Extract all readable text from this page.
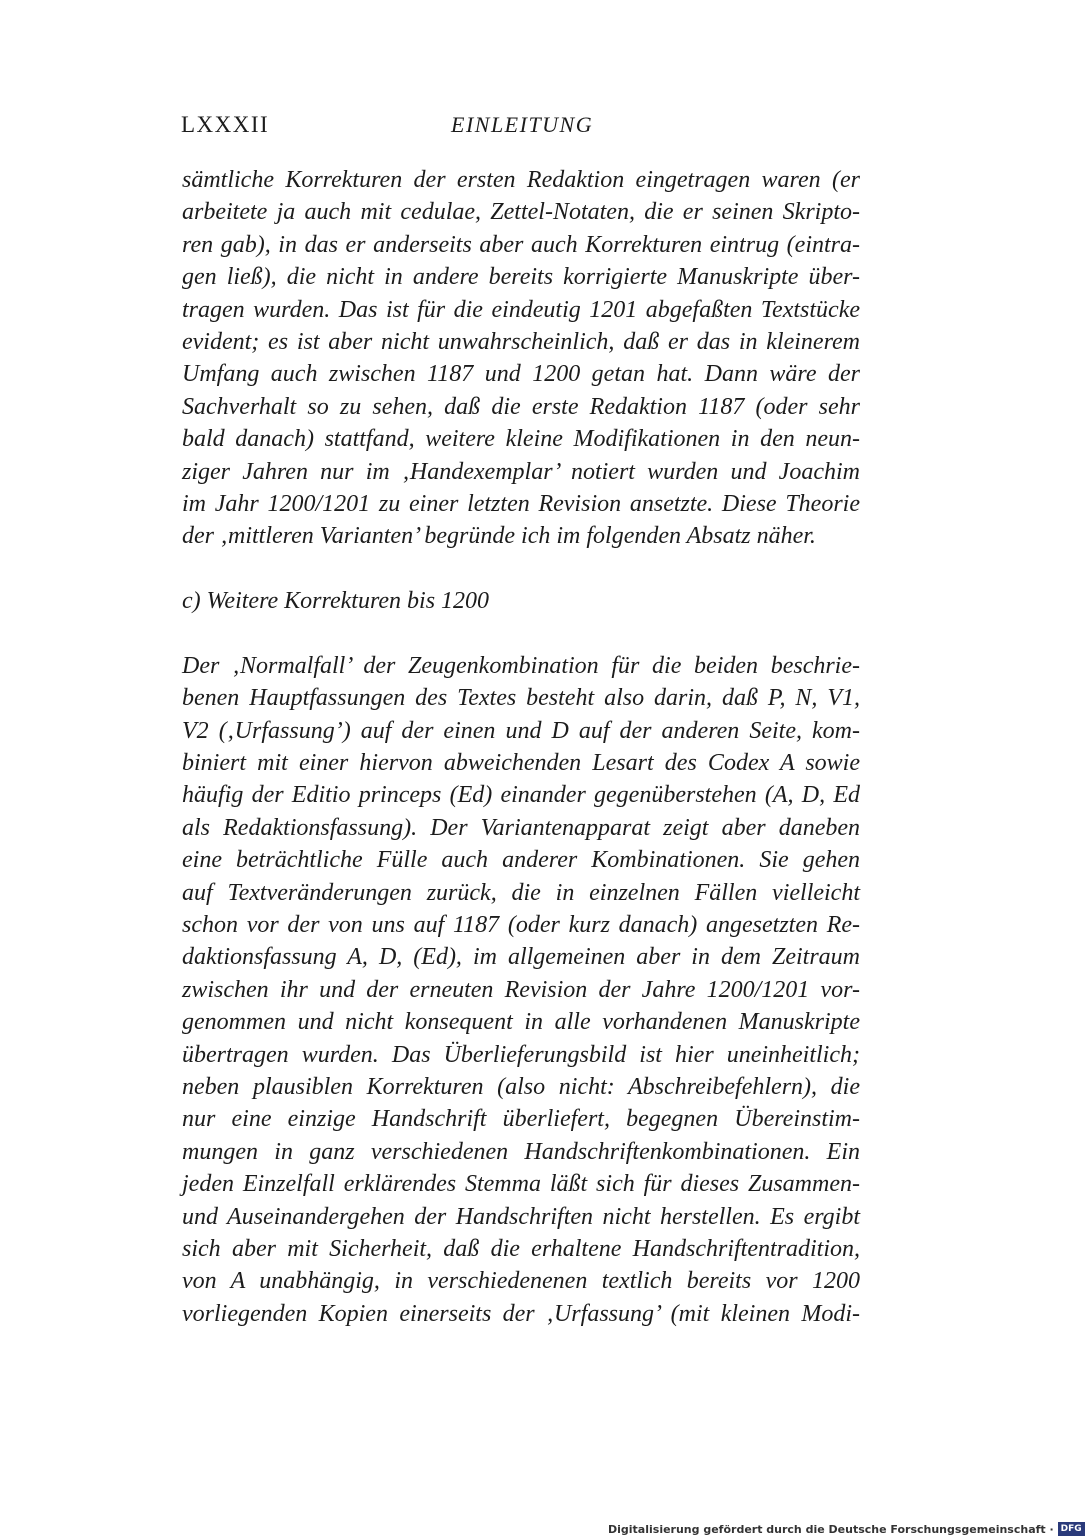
LXXXII	EINLEITUNG
sämtliche Korrekturen der ersten Redaktion eingetragen waren (er
arbeitete ja auch mit cedulae, Zettel-Notaten, die er seinen Skripto-
ren gab), in das er anderseits aber auch Korrekturen eintrug (eintra-
gen ließ), die nicht in andere bereits korrigierte Manuskripte über-
tragen wurden. Das ist für die eindeutig 1201 abgefaßten Textstücke
evident; es ist aber nicht unwahrscheinlich, daß er das in kleinerem
Umfang auch zwischen 1187 und 1200 getan hat. Dann wäre der
Sachverhalt so zu sehen, daß die erste Redaktion 1187 (oder sehr
bald danach) stattfand, weitere kleine Modifikationen in den neun-
ziger Jahren nur im ‚Handexemplar’ notiert wurden und Joachim
im Jahr 1200/1201 zu einer letzten Revision ansetzte. Diese Theorie
der ‚mittleren Varianten’ begründe ich im folgenden Absatz näher.
c) Weitere Korrekturen bis 1200
Der ‚Normalfall’ der Zeugenkombination für die beiden beschrie-
benen Hauptfassungen des Textes besteht also darin, daß P, N, V1,
V2 (‚Urfassung’) auf der einen und D auf der anderen Seite, kom-
biniert mit einer hiervon abweichenden Lesart des Codex A sowie
häufig der Editio princeps (Ed) einander gegenüberstehen (A, D, Ed
als Redaktionsfassung). Der Variantenapparat zeigt aber daneben
eine beträchtliche Fülle auch anderer Kombinationen. Sie gehen
auf Textveränderungen zurück, die in einzelnen Fällen vielleicht
schon vor der von uns auf 1187 (oder kurz danach) angesetzten Re-
daktionsfassung A, D, (Ed), im allgemeinen aber in dem Zeitraum
zwischen ihr und der erneuten Revision der Jahre 1200/1201 vor-
genommen und nicht konsequent in alle vorhandenen Manuskripte
übertragen wurden. Das Überlieferungsbild ist hier uneinheitlich;
neben plausiblen Korrekturen (also nicht: Abschreibefehlern), die
nur eine einzige Handschrift überliefert, begegnen Übereinstim-
mungen in ganz verschiedenen Handschriftenkombinationen. Ein
jeden Einzelfall erklärendes Stemma läßt sich für dieses Zusammen-
und Auseinandergehen der Handschriften nicht herstellen. Es ergibt
sich aber mit Sicherheit, daß die erhaltene Handschriftentradition,
von A unabhängig, in verschiedenenen textlich bereits vor 1200
vorliegenden Kopien einerseits der ‚Urfassung’ (mit kleinen Modi-
Digitalisierung gefördert durch die Deutsche Forschungsgemeinschaft · DFG
